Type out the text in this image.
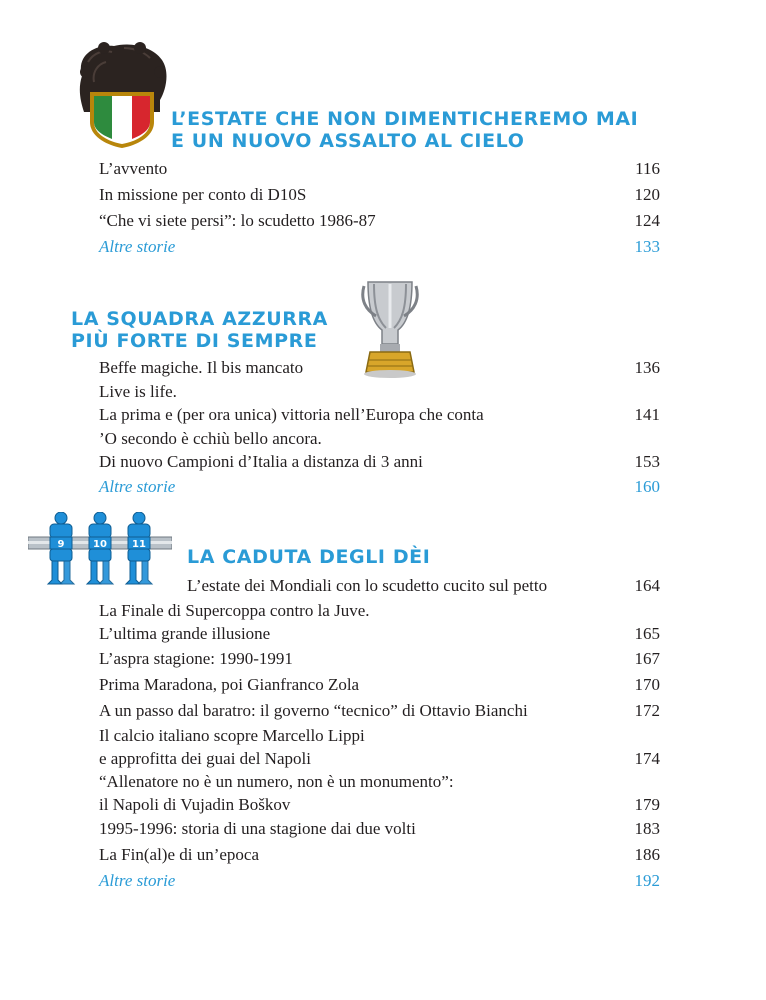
L’ESTATE CHE NON DIMENTICHEREMO MAI
E UN NUOVO ASSALTO AL CIELO
L’avvento	116
In missione per conto di D10S	120
“Che vi siete persi”: lo scudetto 1986-87	124
Altre storie	133
LA SQUADRA AZZURRA
PIÙ FORTE DI SEMPRE
Beffe magiche. Il bis mancato	136
Live is life.
La prima e (per ora unica) vittoria nell’Europa che conta	141
’O secondo è cchiù bello ancora.
Di nuovo Campioni d’Italia a distanza di 3 anni	153
Altre storie	160
9	10	11
LA CADUTA DEGLI DÈI
L’estate dei Mondiali con lo scudetto cucito sul petto	164
La Finale di Supercoppa contro la Juve.
L’ultima grande illusione	165
L’aspra stagione: 1990-1991	167
Prima Maradona, poi Gianfranco Zola	170
A un passo dal baratro: il governo “tecnico” di Ottavio Bianchi	172
Il calcio italiano scopre Marcello Lippi
e approfitta dei guai del Napoli	174
“Allenatore no è un numero, non è un monumento”:
il Napoli di Vujadin Boškov	179
1995-1996: storia di una stagione dai due volti	183
La Fin(al)e di un’epoca	186
Altre storie	192
